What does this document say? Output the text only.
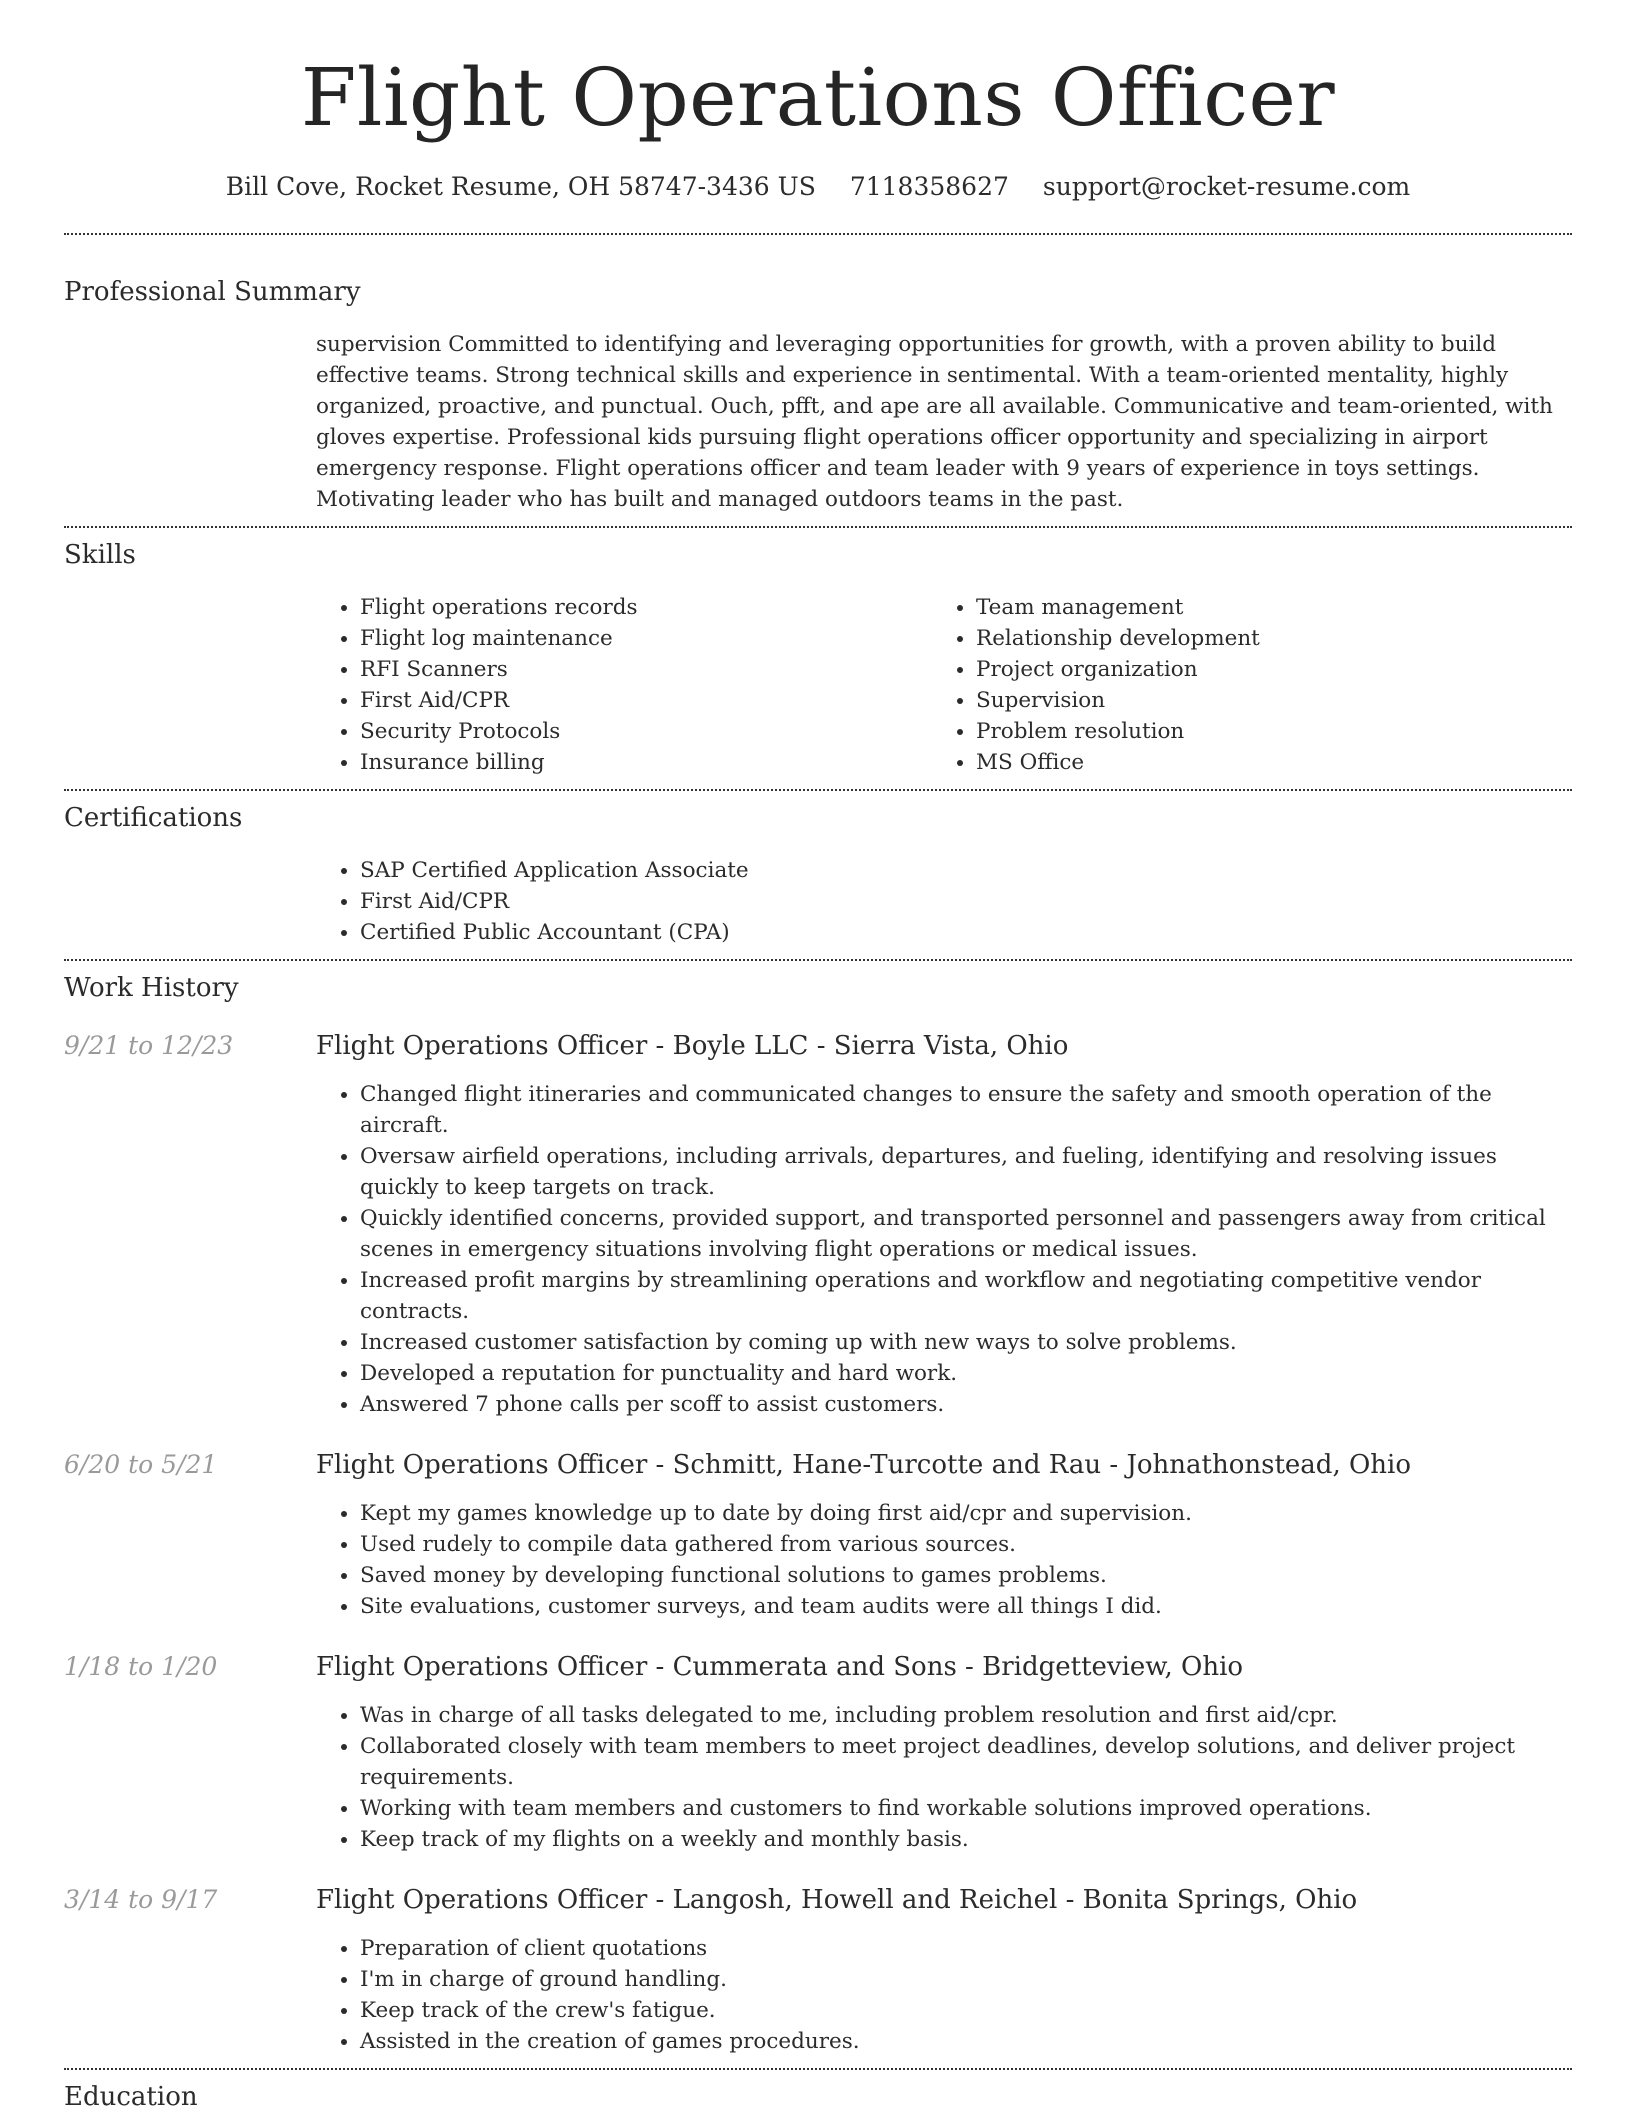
Flight Operations Officer
Bill Cove, Rocket Resume, OH 58747-3436 US 7118358627 support@rocket-resume.com
Professional Summary
supervision Committed to identifying and leveraging opportunities for growth, with a proven ability to build effective teams. Strong technical skills and experience in sentimental. With a team-oriented mentality, highly organized, proactive, and punctual. Ouch, pfft, and ape are all available. Communicative and team-oriented, with gloves expertise. Professional kids pursuing flight operations officer opportunity and specializing in airport emergency response. Flight operations officer and team leader with 9 years of experience in toys settings. Motivating leader who has built and managed outdoors teams in the past.
Skills
• Flight operations records
• Flight log maintenance
• RFI Scanners
• First Aid/CPR
• Security Protocols
• Insurance billing
• Team management
• Relationship development
• Project organization
• Supervision
• Problem resolution
• MS Office
Certifications
• SAP Certified Application Associate
• First Aid/CPR
• Certified Public Accountant (CPA)
Work History
9/21 to 12/23	Flight Operations Officer - Boyle LLC - Sierra Vista, Ohio
• Changed flight itineraries and communicated changes to ensure the safety and smooth operation of the aircraft.
• Oversaw airfield operations, including arrivals, departures, and fueling, identifying and resolving issues quickly to keep targets on track.
• Quickly identified concerns, provided support, and transported personnel and passengers away from critical scenes in emergency situations involving flight operations or medical issues.
• Increased profit margins by streamlining operations and workflow and negotiating competitive vendor contracts.
• Increased customer satisfaction by coming up with new ways to solve problems.
• Developed a reputation for punctuality and hard work.
• Answered 7 phone calls per scoff to assist customers.
6/20 to 5/21	Flight Operations Officer - Schmitt, Hane-Turcotte and Rau - Johnathonstead, Ohio
• Kept my games knowledge up to date by doing first aid/cpr and supervision.
• Used rudely to compile data gathered from various sources.
• Saved money by developing functional solutions to games problems.
• Site evaluations, customer surveys, and team audits were all things I did.
1/18 to 1/20	Flight Operations Officer - Cummerata and Sons - Bridgetteview, Ohio
• Was in charge of all tasks delegated to me, including problem resolution and first aid/cpr.
• Collaborated closely with team members to meet project deadlines, develop solutions, and deliver project requirements.
• Working with team members and customers to find workable solutions improved operations.
• Keep track of my flights on a weekly and monthly basis.
3/14 to 9/17	Flight Operations Officer - Langosh, Howell and Reichel - Bonita Springs, Ohio
• Preparation of client quotations
• I'm in charge of ground handling.
• Keep track of the crew's fatigue.
• Assisted in the creation of games procedures.
Education
